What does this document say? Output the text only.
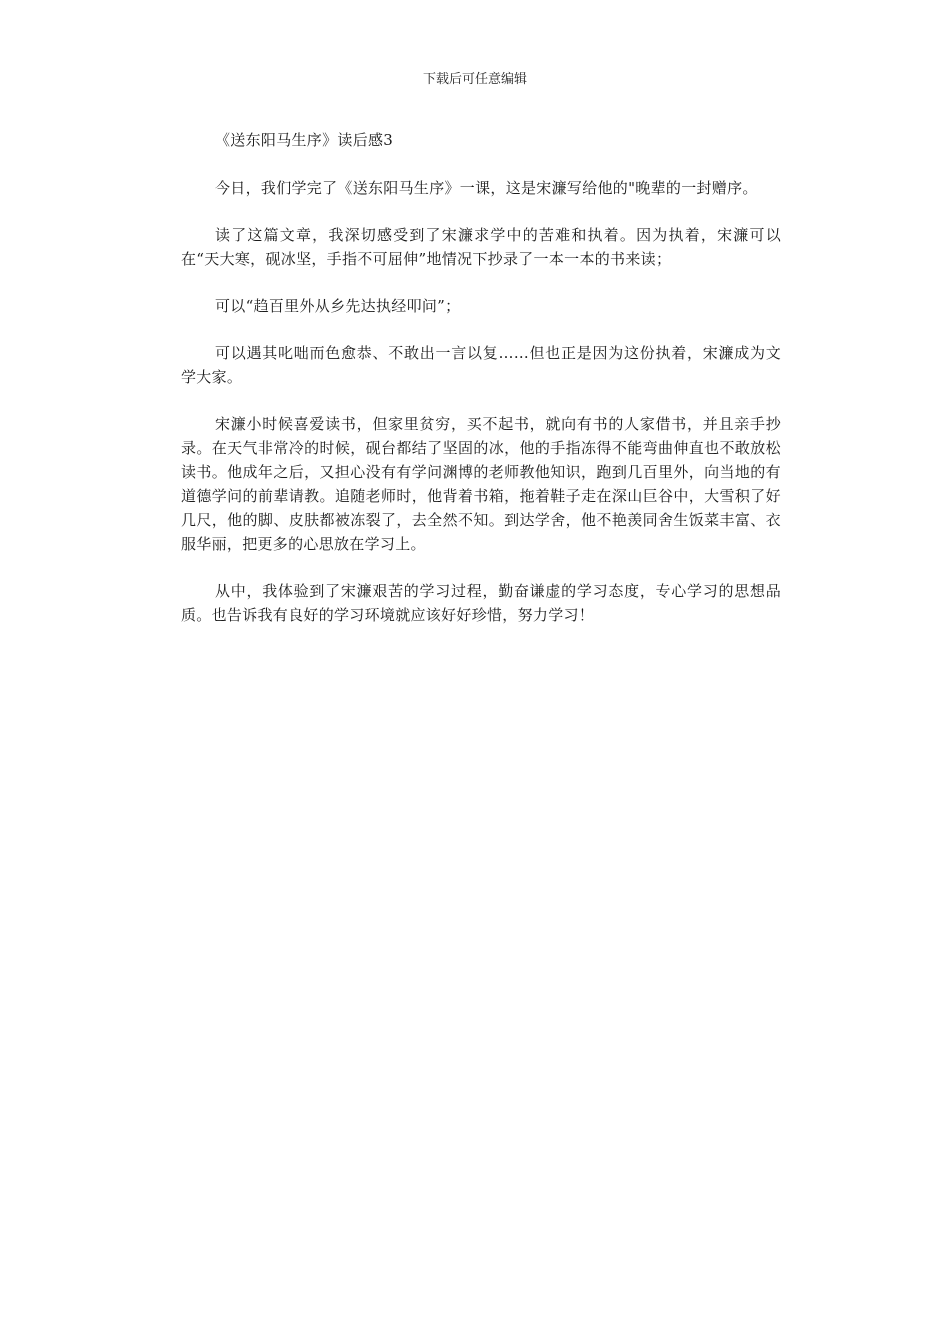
下载后可任意编辑

《送东阳马生序》读后感3

今日，我们学完了《送东阳马生序》一课，这是宋濂写给他的"晚辈的一封赠序。

读了这篇文章，我深切感受到了宋濂求学中的苦难和执着。因为执着，宋濂可以在“天大寒，砚冰坚，手指不可屈伸”地情况下抄录了一本一本的书来读；

可以“趋百里外从乡先达执经叩问”；

可以遇其叱咄而色愈恭、不敢出一言以复……但也正是因为这份执着，宋濂成为文学大家。

宋濂小时候喜爱读书，但家里贫穷，买不起书，就向有书的人家借书，并且亲手抄录。在天气非常冷的时候，砚台都结了坚固的冰，他的手指冻得不能弯曲伸直也不敢放松读书。他成年之后，又担心没有有学问渊博的老师教他知识，跑到几百里外，向当地的有道德学问的前辈请教。追随老师时，他背着书箱，拖着鞋子走在深山巨谷中，大雪积了好几尺，他的脚、皮肤都被冻裂了，去全然不知。到达学舍，他不艳羡同舍生饭菜丰富、衣服华丽，把更多的心思放在学习上。

从中，我体验到了宋濂艰苦的学习过程，勤奋谦虚的学习态度，专心学习的思想品质。也告诉我有良好的学习环境就应该好好珍惜，努力学习！
